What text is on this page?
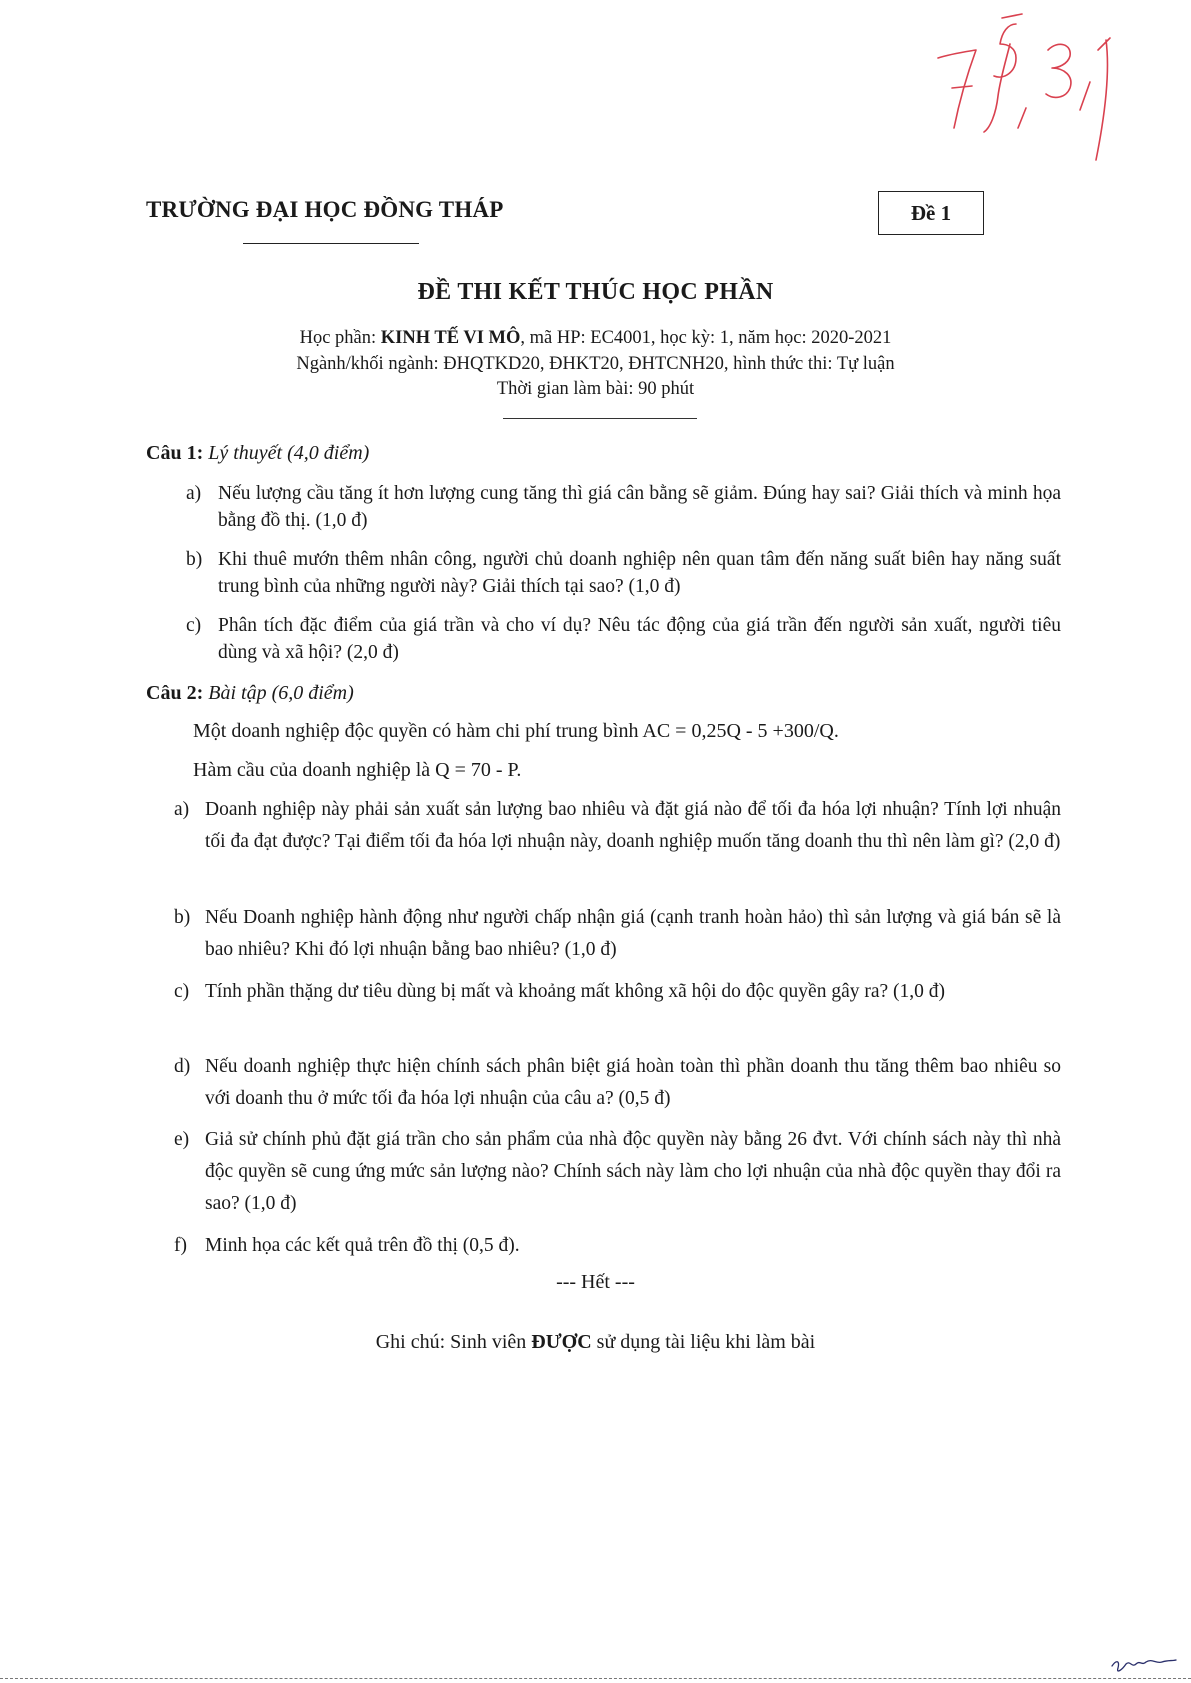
TRƯỜNG ĐẠI HỌC ĐỒNG THÁP	Đề 1
ĐỀ THI KẾT THÚC HỌC PHẦN
Học phần: KINH TẾ VI MÔ, mã HP: EC4001, học kỳ: 1, năm học: 2020-2021
Ngành/khối ngành: ĐHQTKD20, ĐHKT20, ĐHTCNH20, hình thức thi: Tự luận
Thời gian làm bài: 90 phút
Câu 1: Lý thuyết (4,0 điểm)
a) Nếu lượng cầu tăng ít hơn lượng cung tăng thì giá cân bằng sẽ giảm. Đúng hay sai? Giải thích và minh họa bằng đồ thị. (1,0 đ)
b) Khi thuê mướn thêm nhân công, người chủ doanh nghiệp nên quan tâm đến năng suất biên hay năng suất trung bình của những người này? Giải thích tại sao? (1,0 đ)
c) Phân tích đặc điểm của giá trần và cho ví dụ? Nêu tác động của giá trần đến người sản xuất, người tiêu dùng và xã hội? (2,0 đ)
Câu 2: Bài tập (6,0 điểm)
Một doanh nghiệp độc quyền có hàm chi phí trung bình AC = 0,25Q - 5 +300/Q.
Hàm cầu của doanh nghiệp là Q = 70 - P.
a) Doanh nghiệp này phải sản xuất sản lượng bao nhiêu và đặt giá nào để tối đa hóa lợi nhuận? Tính lợi nhuận tối đa đạt được? Tại điểm tối đa hóa lợi nhuận này, doanh nghiệp muốn tăng doanh thu thì nên làm gì? (2,0 đ)
b) Nếu Doanh nghiệp hành động như người chấp nhận giá (cạnh tranh hoàn hảo) thì sản lượng và giá bán sẽ là bao nhiêu? Khi đó lợi nhuận bằng bao nhiêu? (1,0 đ)
c) Tính phần thặng dư tiêu dùng bị mất và khoảng mất không xã hội do độc quyền gây ra? (1,0 đ)
d) Nếu doanh nghiệp thực hiện chính sách phân biệt giá hoàn toàn thì phần doanh thu tăng thêm bao nhiêu so với doanh thu ở mức tối đa hóa lợi nhuận của câu a? (0,5 đ)
e) Giả sử chính phủ đặt giá trần cho sản phẩm của nhà độc quyền này bằng 26 đvt. Với chính sách này thì nhà độc quyền sẽ cung ứng mức sản lượng nào? Chính sách này làm cho lợi nhuận của nhà độc quyền thay đổi ra sao? (1,0 đ)
f) Minh họa các kết quả trên đồ thị (0,5 đ).
--- Hết ---
Ghi chú: Sinh viên ĐƯỢC sử dụng tài liệu khi làm bài
